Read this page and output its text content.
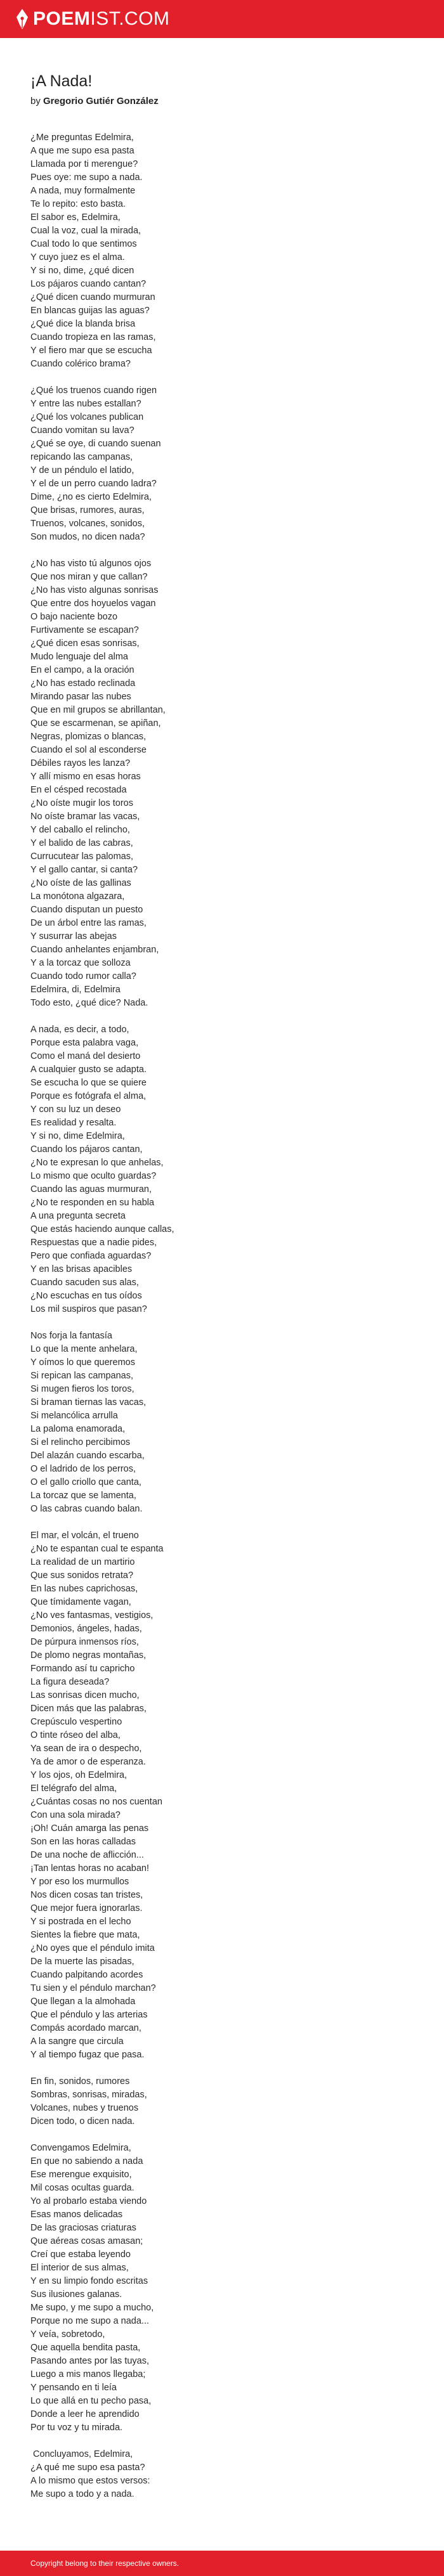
POEMIST.COM
¡A Nada!
by Gregorio Gutiér González
¿Me preguntas Edelmira,
A que me supo esa pasta
Llamada por ti merengue?
Pues oye: me supo a nada.
A nada, muy formalmente
Te lo repito: esto basta.
El sabor es, Edelmira,
Cual la voz, cual la mirada,
Cual todo lo que sentimos
Y cuyo juez es el alma.
Y si no, dime, ¿qué dicen
Los pájaros cuando cantan?
¿Qué dicen cuando murmuran
En blancas guijas las aguas?
¿Qué dice la blanda brisa
Cuando tropieza en las ramas,
Y el fiero mar que se escucha
Cuando colérico brama?
¿Qué los truenos cuando rigen
Y entre las nubes estallan?
¿Qué los volcanes publican
Cuando vomitan su lava?
¿Qué se oye, di cuando suenan
repicando las campanas,
Y de un péndulo el latido,
Y el de un perro cuando ladra?
Dime, ¿no es cierto Edelmira,
Que brisas, rumores, auras,
Truenos, volcanes, sonidos,
Son mudos, no dicen nada?
¿No has visto tú algunos ojos
Que nos miran y que callan?
¿No has visto algunas sonrisas
Que entre dos hoyuelos vagan
O bajo naciente bozo
Furtivamente se escapan?
¿Qué dicen esas sonrisas,
Mudo lenguaje del alma
En el campo, a la oración
¿No has estado reclinada
Mirando pasar las nubes
Que en mil grupos se abrillantan,
Que se escarmenan, se apiñan,
Negras, plomizas o blancas,
Cuando el sol al esconderse
Débiles rayos les lanza?
Y allí mismo en esas horas
En el césped recostada
¿No oíste mugir los toros
No oíste bramar las vacas,
Y del caballo el relincho,
Y el balido de las cabras,
Currucutear las palomas,
Y el gallo cantar, si canta?
¿No oíste de las gallinas
La monótona algazara,
Cuando disputan un puesto
De un árbol entre las ramas,
Y susurrar las abejas
Cuando anhelantes enjambran,
Y a la torcaz que solloza
Cuando todo rumor calla?
Edelmira, di, Edelmira
Todo esto, ¿qué dice? Nada.
A nada, es decir, a todo,
Porque esta palabra vaga,
Como el maná del desierto
A cualquier gusto se adapta.
Se escucha lo que se quiere
Porque es fotógrafa el alma,
Y con su luz un deseo
Es realidad y resalta.
Y si no, dime Edelmira,
Cuando los pájaros cantan,
¿No te expresan lo que anhelas,
Lo mismo que oculto guardas?
Cuando las aguas murmuran,
¿No te responden en su habla
A una pregunta secreta
Que estás haciendo aunque callas,
Respuestas que a nadie pides,
Pero que confiada aguardas?
Y en las brisas apacibles
Cuando sacuden sus alas,
¿No escuchas en tus oídos
Los mil suspiros que pasan?
Nos forja la fantasía
Lo que la mente anhelara,
Y oímos lo que queremos
Si repican las campanas,
Si mugen fieros los toros,
Si braman tiernas las vacas,
Si melancólica arrulla
La paloma enamorada,
Si el relincho percibimos
Del alazán cuando escarba,
O el ladrido de los perros,
O el gallo criollo que canta,
La torcaz que se lamenta,
O las cabras cuando balan.
El mar, el volcán, el trueno
¿No te espantan cual te espanta
La realidad de un martirio
Que sus sonidos retrata?
En las nubes caprichosas,
Que tímidamente vagan,
¿No ves fantasmas, vestigios,
Demonios, ángeles, hadas,
De púrpura inmensos ríos,
De plomo negras montañas,
Formando así tu capricho
La figura deseada?
Las sonrisas dicen mucho,
Dicen más que las palabras,
Crepúsculo vespertino
O tinte róseo del alba,
Ya sean de ira o despecho,
Ya de amor o de esperanza.
Y los ojos, oh Edelmira,
El telégrafo del alma,
¿Cuántas cosas no nos cuentan
Con una sola mirada?
¡Oh! Cuán amarga las penas
Son en las horas calladas
De una noche de aflicción...
¡Tan lentas horas no acaban!
Y por eso los murmullos
Nos dicen cosas tan tristes,
Que mejor fuera ignorarlas.
Y si postrada en el lecho
Sientes la fiebre que mata,
¿No oyes que el péndulo imita
De la muerte las pisadas,
Cuando palpitando acordes
Tu sien y el péndulo marchan?
Que llegan a la almohada
Que el péndulo y las arterias
Compás acordado marcan,
A la sangre que circula
Y al tiempo fugaz que pasa.
En fin, sonidos, rumores
Sombras, sonrisas, miradas,
Volcanes, nubes y truenos
Dicen todo, o dicen nada.
Convengamos Edelmira,
En que no sabiendo a nada
Ese merengue exquisito,
Mil cosas ocultas guarda.
Yo al probarlo estaba viendo
Esas manos delicadas
De las graciosas criaturas
Que aéreas cosas amasan;
Creí que estaba leyendo
El interior de sus almas,
Y en su limpio fondo escritas
Sus ilusiones galanas.
Me supo, y me supo a mucho,
Porque no me supo a nada...
Y veía, sobretodo,
Que aquella bendita pasta,
Pasando antes por las tuyas,
Luego a mis manos llegaba;
Y pensando en ti leía
Lo que allá en tu pecho pasa,
Donde a leer he aprendido
Por tu voz y tu mirada.
Concluyamos, Edelmira,
¿A qué me supo esa pasta?
A lo mismo que estos versos:
Me supo a todo y a nada.
Copyright belong to their respective owners.
